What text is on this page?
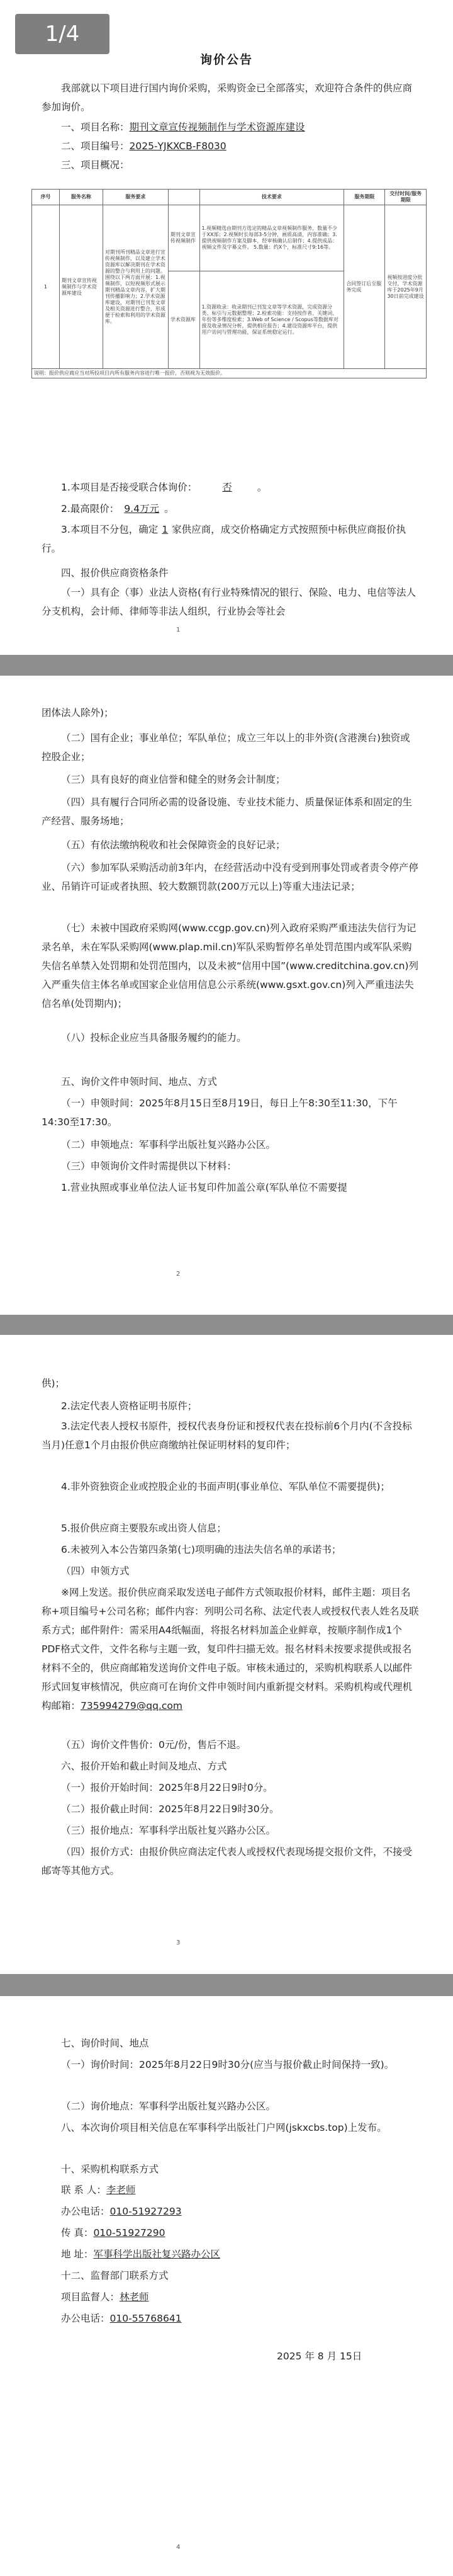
1/4
询价公告
我部就以下项目进行国内询价采购，采购资金已全部落实，欢迎符合条件的供应商参加询价。
一、项目名称：期刊文章宣传视频制作与学术资源库建设
二、项目编号：2025-YJKXCB-F8030
三、项目概况：
序号	服务名称	服务要求		技术要求	服务期限	交付时间/服务期限
1	期刊文章宣传视频制作与学术资源库建设	对期刊所刊精品文章进行宣传视频制作，以及建立学术资源库以解决期刊在学术资源的整合与利用上的问题。围绕以下两方面开展：1.视频制作，以短视频形式展示期刊精品文章内容，扩大期刊传播影响力；2.学术资源库建设，对期刊已刊发文章及相关资源进行整合，形成便于检索和利用的学术资源库。	期刊文章宣传视频制作	1.视频精选由期刊方选定的精品文章视频制作服务，数量不少于XX部；2.视频时长每部3-5分钟，画质高清，内容准确；3.提供视频制作方案及脚本，经审核确认后制作；4.提供成品：视频文件及字幕文件。 5.数量：约X个，标准尺寸9:16等。	合同签订后至服务完成	视频按进度分批交付，学术资源库于2025年9月30日前完成建设
			学术资源库	1.资源收录：收录期刊已刊发文章等学术资源，完成资源分类、标引与元数据整理；2.检索功能：支持按作者、关键词、年份等多维度检索；3.Web of Science / Scopus等数据库对接及收录情况分析，提供相应报告；4.建设资源库平台，提供用户访问与管理功能，保证系统稳定运行。		
说明：报价供应商应当对所投项目内所有服务内容进行唯一报价，否则视为无效报价。						
1.本项目是否接受联合体询价：	否	。
2.最高限价： 9.4万元 。
3.本项目不分包，确定 1 家供应商，成交价格确定方式按照预中标供应商报价执行。
四、报价供应商资格条件
（一）具有企（事）业法人资格(有行业特殊情况的银行、保险、电力、电信等法人分支机构，会计师、律师等非法人组织，行业协会等社会
1
团体法人除外)；
（二）国有企业；事业单位；军队单位；成立三年以上的非外资(含港澳台)独资或控股企业；
（三）具有良好的商业信誉和健全的财务会计制度；
（四）具有履行合同所必需的设备设施、专业技术能力、质量保证体系和固定的生产经营、服务场地；
（五）有依法缴纳税收和社会保障资金的良好记录；
（六）参加军队采购活动前3年内，在经营活动中没有受到刑事处罚或者责令停产停业、吊销许可证或者执照、较大数额罚款(200万元以上)等重大违法记录；
（七）未被中国政府采购网(www.ccgp.gov.cn)列入政府采购严重违法失信行为记录名单，未在军队采购网(www.plap.mil.cn)军队采购暂停名单处罚范围内或军队采购失信名单禁入处罚期和处罚范围内，以及未被“信用中国”(www.creditchina.gov.cn)列入严重失信主体名单或国家企业信用信息公示系统(www.gsxt.gov.cn)列入严重违法失信名单(处罚期内)；
（八）投标企业应当具备服务履约的能力。
五、询价文件申领时间、地点、方式
（一）申领时间：2025年8月15日至8月19日，每日上午8:30至11:30，下午14:30至17:30。
（二）申领地点：军事科学出版社复兴路办公区。
（三）申领询价文件时需提供以下材料：
1.营业执照或事业单位法人证书复印件加盖公章(军队单位不需要提
2
供)；
2.法定代表人资格证明书原件；
3.法定代表人授权书原件，授权代表身份证和授权代表在投标前6个月内(不含投标当月)任意1个月由报价供应商缴纳社保证明材料的复印件；
4.非外资独资企业或控股企业的书面声明(事业单位、军队单位不需要提供)；
5.报价供应商主要股东或出资人信息；
6.未被列入本公告第四条第(七)项明确的违法失信名单的承诺书；
（四）申领方式
※网上发送。报价供应商采取发送电子邮件方式领取报价材料，邮件主题：项目名称+项目编号+公司名称；邮件内容：列明公司名称、法定代表人或授权代表人姓名及联系方式；邮件附件：需采用A4纸幅面，将报名材料加盖企业鲜章，按顺序制作成1个PDF格式文件，文件名称与主题一致，复印件扫描无效。报名材料未按要求提供或报名材料不全的，供应商邮箱发送询价文件电子版。审核未通过的，采购机构联系人以邮件形式回复审核情况，供应商可在询价文件申领时间内重新提交材料。采购机构或代理机构邮箱：735994279@qq.com
（五）询价文件售价：0元/份，售后不退。
六、报价开始和截止时间及地点、方式
（一）报价开始时间：2025年8月22日9时0分。
（二）报价截止时间：2025年8月22日9时30分。
（三）报价地点：军事科学出版社复兴路办公区。
（四）报价方式：由报价供应商法定代表人或授权代表现场提交报价文件，不接受邮寄等其他方式。
3
七、询价时间、地点
（一）询价时间：2025年8月22日9时30分(应当与报价截止时间保持一致)。
（二）询价地点：军事科学出版社复兴路办公区。
八、本次询价项目相关信息在军事科学出版社门户网(jskxcbs.top)上发布。
十、采购机构联系方式
联 系 人：李老师
办公电话：010-51927293
传 真：010-51927290
地 址：军事科学出版社复兴路办公区
十二、监督部门联系方式
项目监督人：林老师
办公电话：010-55768641
2025 年 8 月 15日
4
